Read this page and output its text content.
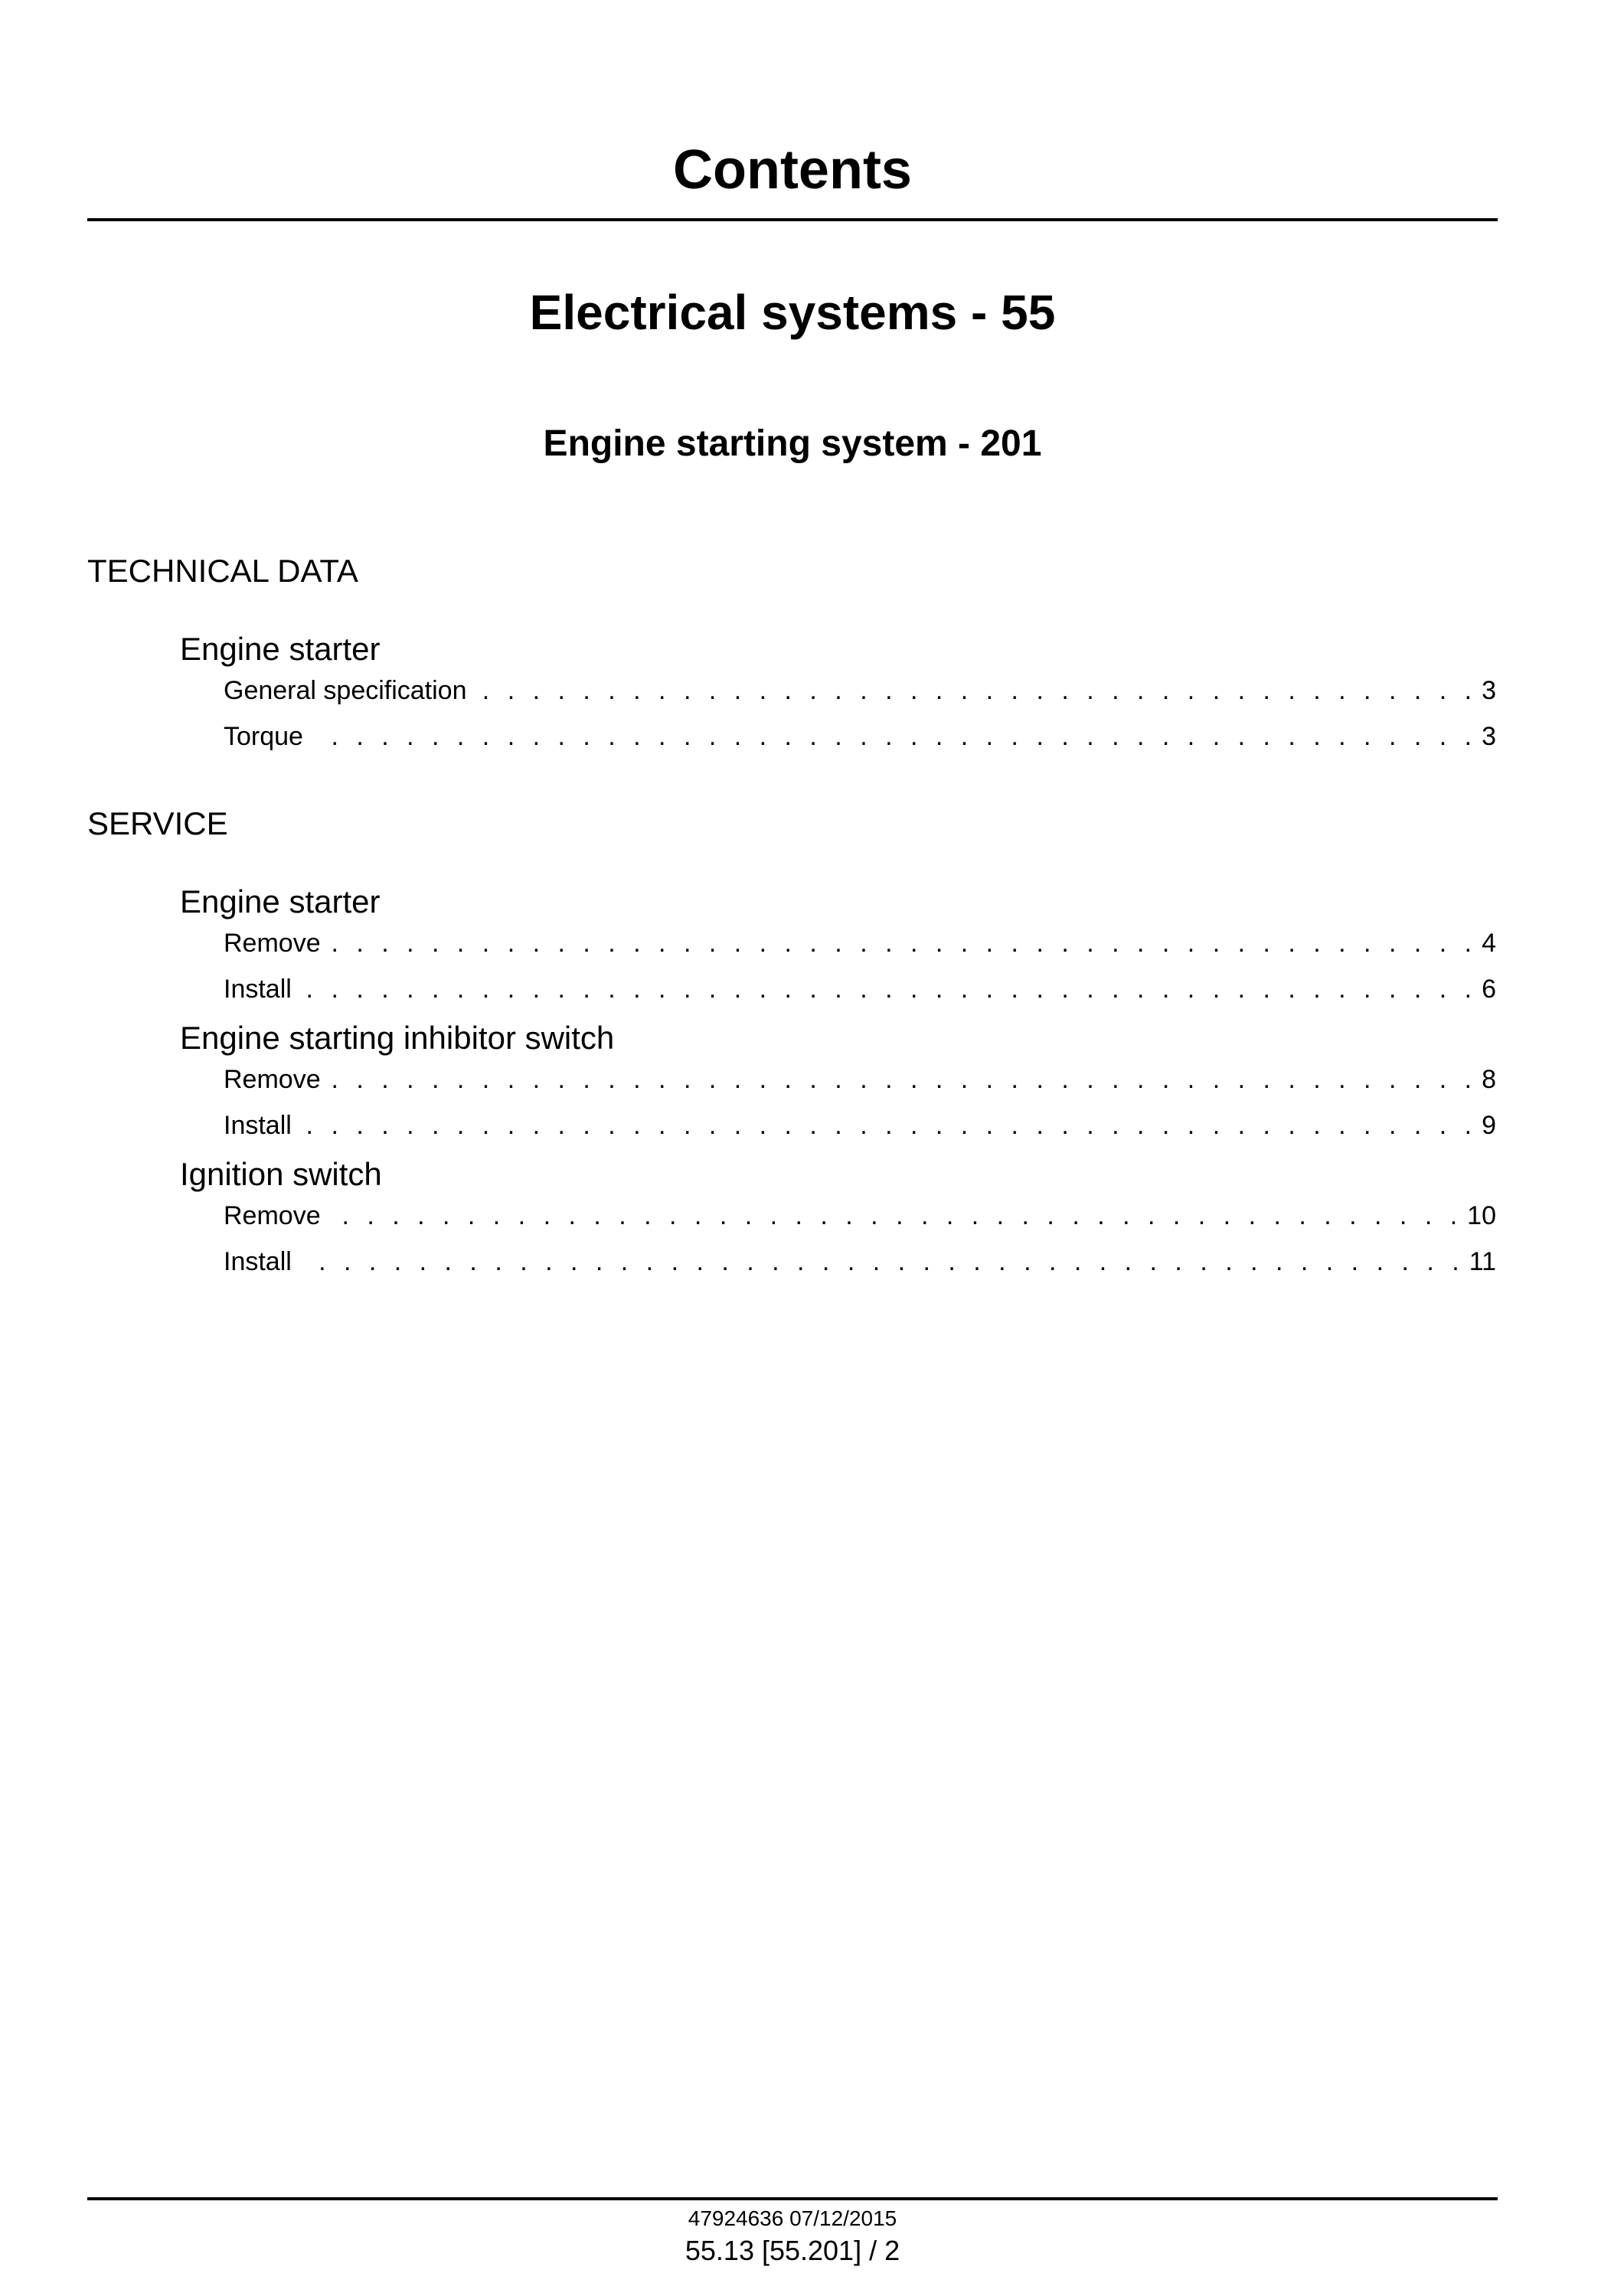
Contents
Electrical systems - 55
Engine starting system - 201
TECHNICAL DATA
Engine starter
General specification . . .	3
Torque . . .	3
SERVICE
Engine starter
Remove . . .	4
Install . . .	6
Engine starting inhibitor switch
Remove . . .	8
Install . . .	9
Ignition switch
Remove . . .	10
Install . . .	11
47924636 07/12/2015
55.13 [55.201] / 2
